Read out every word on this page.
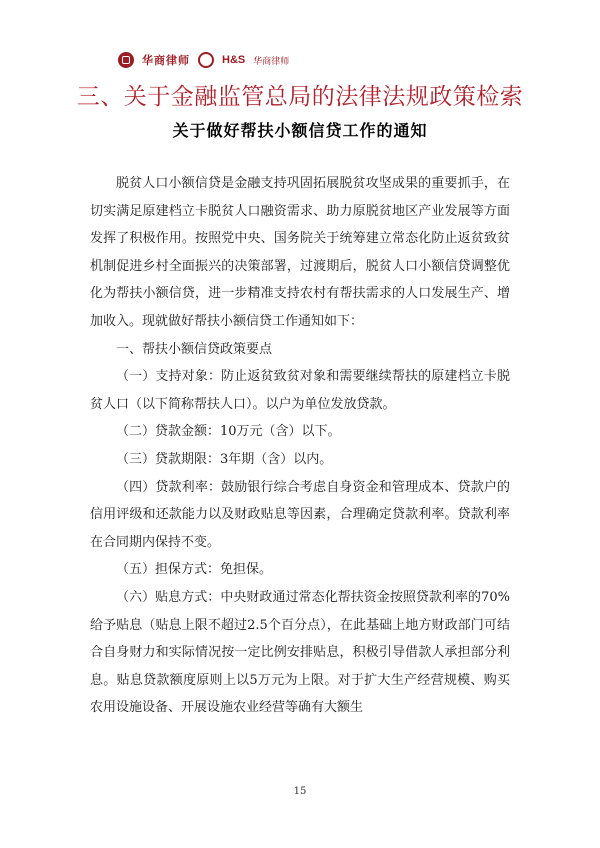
华商律师	H&S 华商律师
三、关于金融监管总局的法律法规政策检索
关于做好帮扶小额信贷工作的通知

脱贫人口小额信贷是金融支持巩固拓展脱贫攻坚成果的重要抓手，在切实满足原建档立卡脱贫人口融资需求、助力原脱贫地区产业发展等方面发挥了积极作用。按照党中央、国务院关于统筹建立常态化防止返贫致贫机制促进乡村全面振兴的决策部署，过渡期后，脱贫人口小额信贷调整优化为帮扶小额信贷，进一步精准支持农村有帮扶需求的人口发展生产、增加收入。现就做好帮扶小额信贷工作通知如下：

一、帮扶小额信贷政策要点

（一）支持对象：防止返贫致贫对象和需要继续帮扶的原建档立卡脱贫人口（以下简称帮扶人口）。以户为单位发放贷款。

（二）贷款金额：10万元（含）以下。

（三）贷款期限：3年期（含）以内。

（四）贷款利率：鼓励银行综合考虑自身资金和管理成本、贷款户的信用评级和还款能力以及财政贴息等因素，合理确定贷款利率。贷款利率在合同期内保持不变。

（五）担保方式：免担保。

（六）贴息方式：中央财政通过常态化帮扶资金按照贷款利率的70%给予贴息（贴息上限不超过2.5个百分点），在此基础上地方财政部门可结合自身财力和实际情况按一定比例安排贴息，积极引导借款人承担部分利息。贴息贷款额度原则上以5万元为上限。对于扩大生产经营规模、购买农用设施设备、开展设施农业经营等确有大额生

15
